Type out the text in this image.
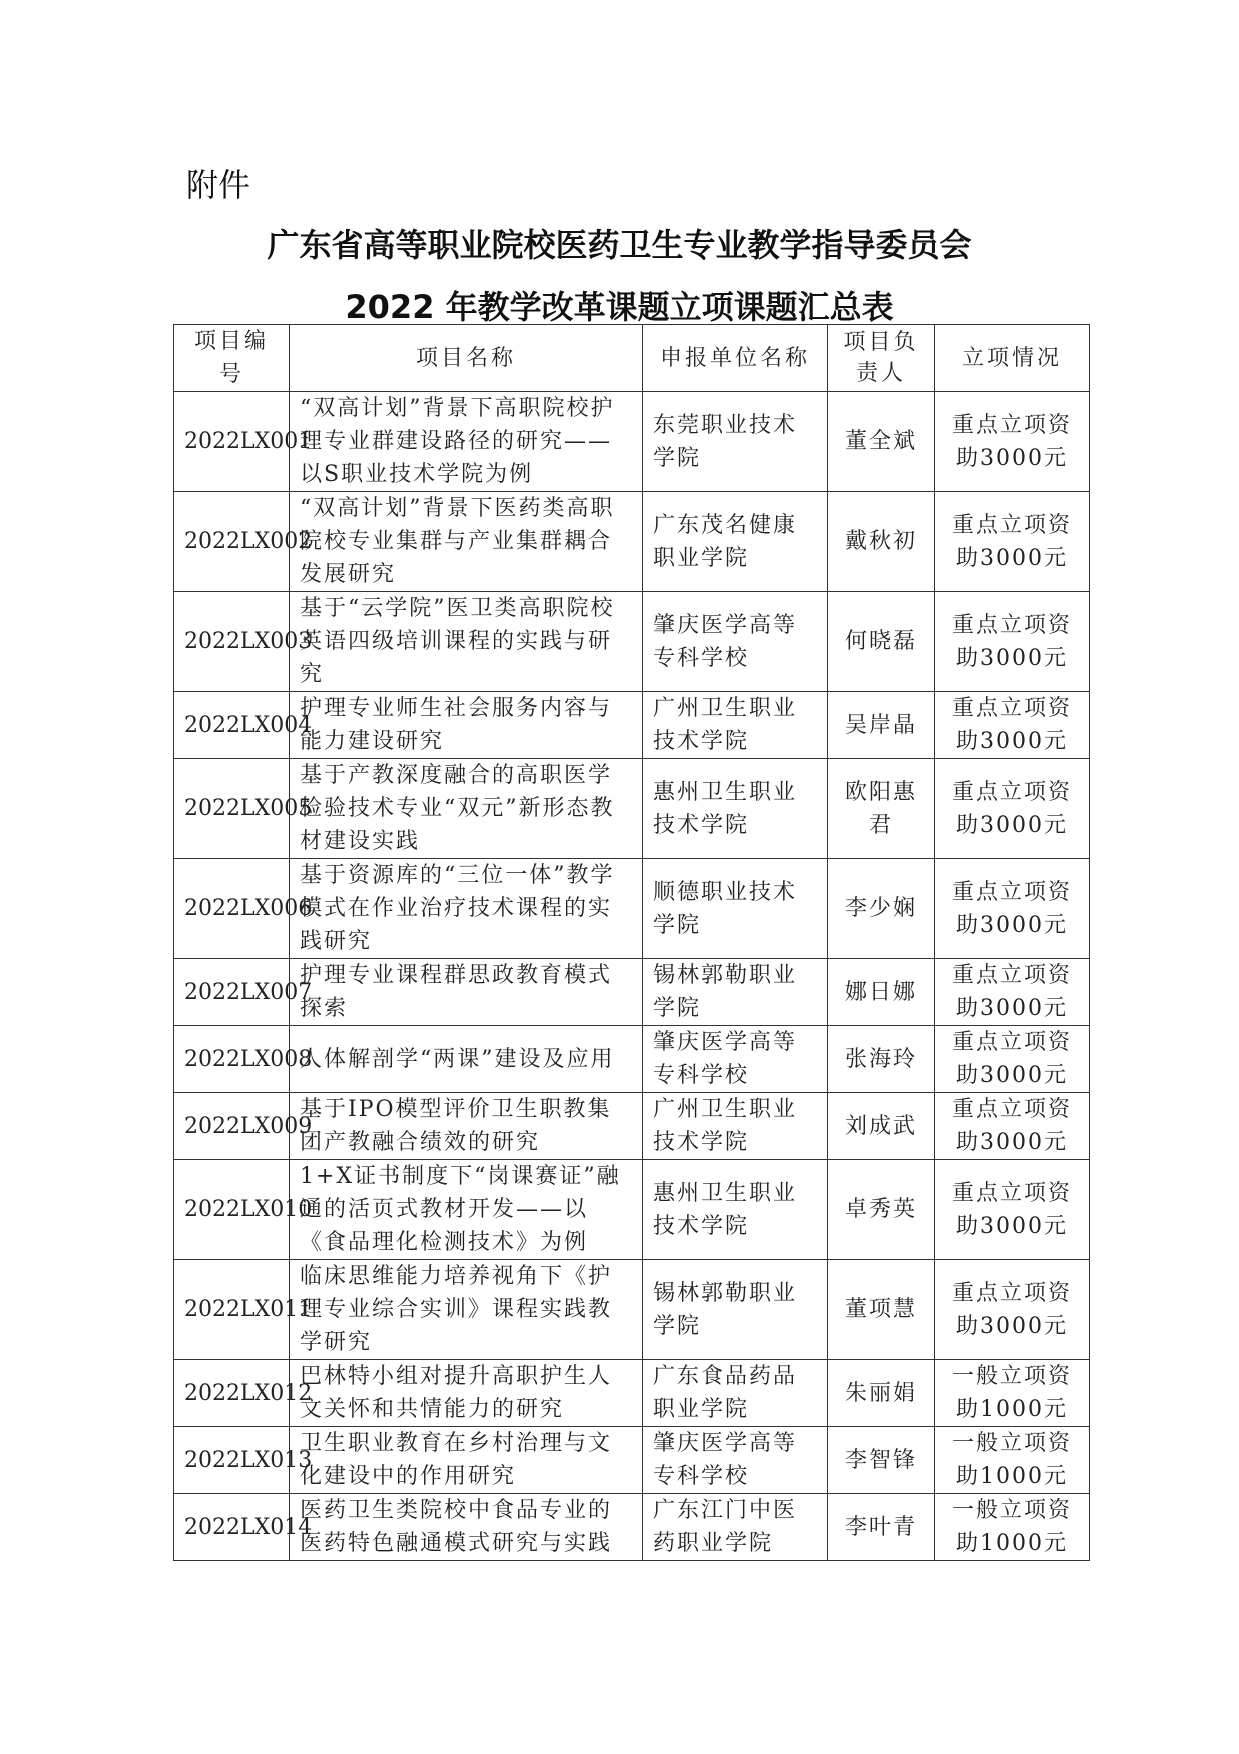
附件
广东省高等职业院校医药卫生专业教学指导委员会
2022 年教学改革课题立项课题汇总表
项目编号	项目名称	申报单位名称	项目负责人	立项情况
2022LX001	“双高计划”背景下高职院校护理专业群建设路径的研究——以S职业技术学院为例	东莞职业技术学院	董全斌	重点立项资助3000元
2022LX002	“双高计划”背景下医药类高职院校专业集群与产业集群耦合发展研究	广东茂名健康职业学院	戴秋初	重点立项资助3000元
2022LX003	基于“云学院”医卫类高职院校英语四级培训课程的实践与研究	肇庆医学高等专科学校	何晓磊	重点立项资助3000元
2022LX004	护理专业师生社会服务内容与能力建设研究	广州卫生职业技术学院	吴岸晶	重点立项资助3000元
2022LX005	基于产教深度融合的高职医学检验技术专业“双元”新形态教材建设实践	惠州卫生职业技术学院	欧阳惠君	重点立项资助3000元
2022LX006	基于资源库的“三位一体”教学模式在作业治疗技术课程的实践研究	顺德职业技术学院	李少娴	重点立项资助3000元
2022LX007	护理专业课程群思政教育模式探索	锡林郭勒职业学院	娜日娜	重点立项资助3000元
2022LX008	人体解剖学“两课”建设及应用	肇庆医学高等专科学校	张海玲	重点立项资助3000元
2022LX009	基于IPO模型评价卫生职教集团产教融合绩效的研究	广州卫生职业技术学院	刘成武	重点立项资助3000元
2022LX010	1+X证书制度下“岗课赛证”融通的活页式教材开发——以《食品理化检测技术》为例	惠州卫生职业技术学院	卓秀英	重点立项资助3000元
2022LX011	临床思维能力培养视角下《护理专业综合实训》课程实践教学研究	锡林郭勒职业学院	董项慧	重点立项资助3000元
2022LX012	巴林特小组对提升高职护生人文关怀和共情能力的研究	广东食品药品职业学院	朱丽娟	一般立项资助1000元
2022LX013	卫生职业教育在乡村治理与文化建设中的作用研究	肇庆医学高等专科学校	李智锋	一般立项资助1000元
2022LX014	医药卫生类院校中食品专业的医药特色融通模式研究与实践	广东江门中医药职业学院	李叶青	一般立项资助1000元
